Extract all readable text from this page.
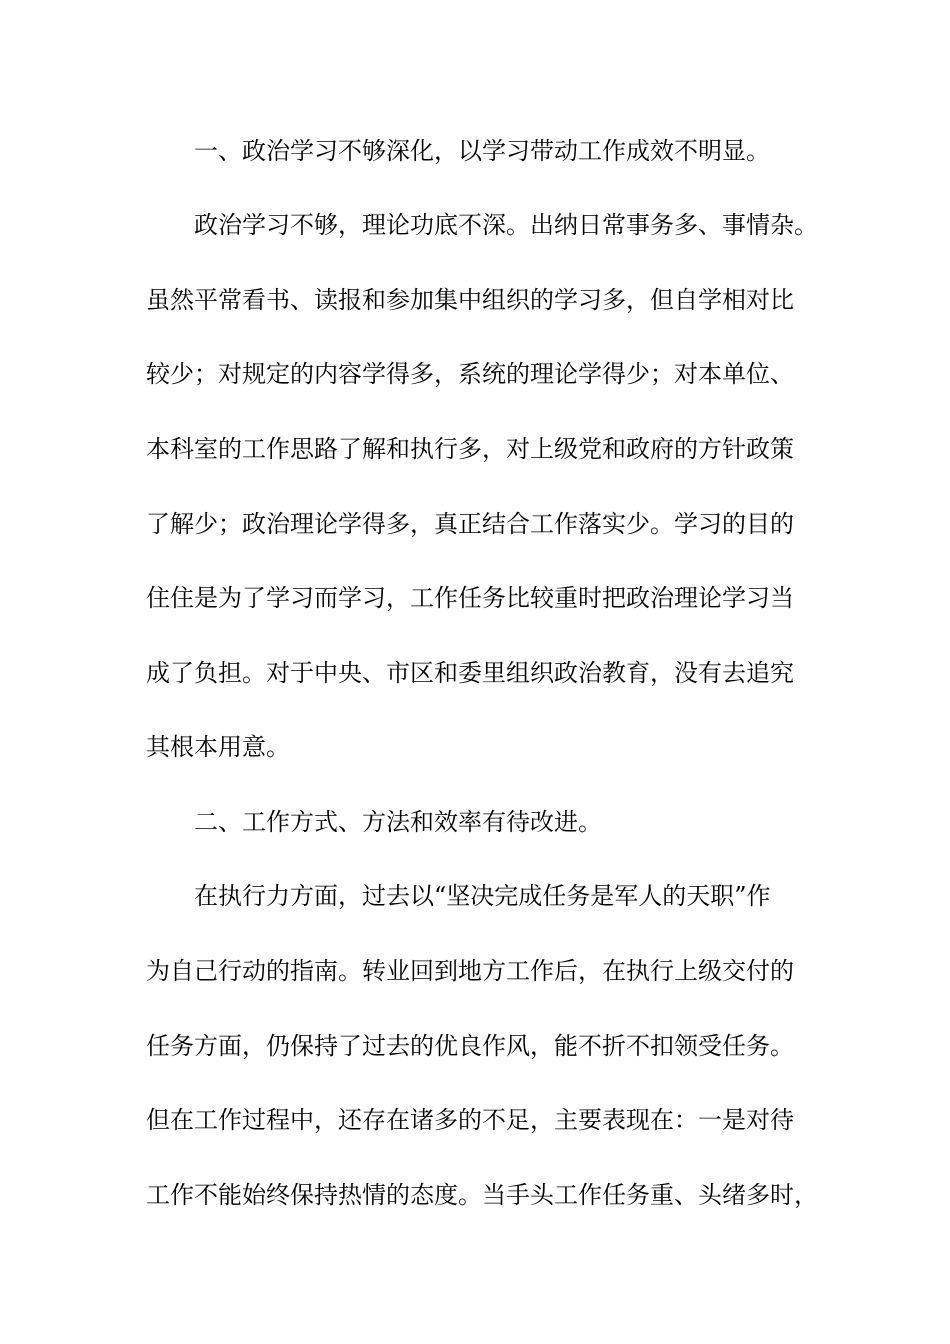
一、政治学习不够深化，以学习带动工作成效不明显。
政治学习不够，理论功底不深。出纳日常事务多、事情杂。
虽然平常看书、读报和参加集中组织的学习多，但自学相对比
较少；对规定的内容学得多，系统的理论学得少；对本单位、
本科室的工作思路了解和执行多，对上级党和政府的方针政策
了解少；政治理论学得多，真正结合工作落实少。学习的目的
住住是为了学习而学习，工作任务比较重时把政治理论学习当
成了负担。对于中央、市区和委里组织政治教育，没有去追究
其根本用意。
二、工作方式、方法和效率有待改进。
在执行力方面，过去以“坚决完成任务是军人的天职”作
为自己行动的指南。转业回到地方工作后，在执行上级交付的
任务方面，仍保持了过去的优良作风，能不折不扣领受任务。
但在工作过程中，还存在诸多的不足，主要表现在：一是对待
工作不能始终保持热情的态度。当手头工作任务重、头绪多时，
